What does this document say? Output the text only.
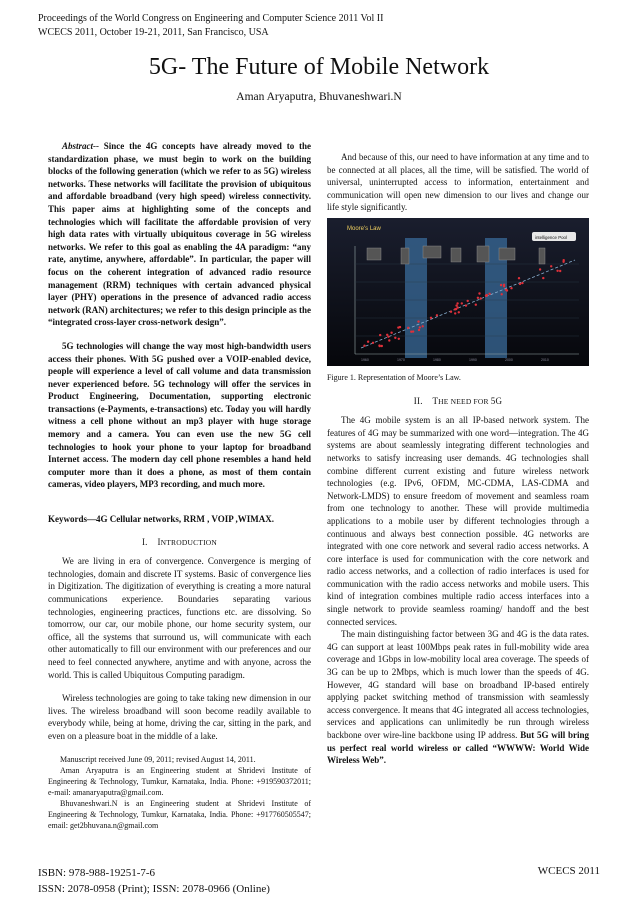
Proceedings of the World Congress on Engineering and Computer Science 2011 Vol II
WCECS 2011, October 19-21, 2011, San Francisco, USA
5G- The Future of Mobile Network
Aman Aryaputra, Bhuvaneshwari.N

Abstract-- Since the 4G concepts have already moved to the standardization phase, we must begin to work on the building blocks of the following generation (which we refer to as 5G) wireless networks. These networks will facilitate the provision of ubiquitous and affordable broadband (very high speed) wireless connectivity. This paper aims at highlighting some of the concepts and technologies which will facilitate the affordable provision of very high data rates with virtually ubiquitous coverage in 5G wireless networks. We refer to this goal as enabling the 4A paradigm: “any rate, anytime, anywhere, affordable”. In particular, the paper will focus on the coherent integration of advanced radio resource management (RRM) techniques with certain advanced physical layer (PHY) operations in the presence of advanced radio access network (RAN) architectures; we refer to this design principle as the “integrated cross-layer cross-network design”.

5G technologies will change the way most high-bandwidth users access their phones. With 5G pushed over a VOIP-enabled device, people will experience a level of call volume and data transmission never experienced before. 5G technology will offer the services in Product Engineering, Documentation, supporting electronic transactions (e-Payments, e-transactions) etc. Today you will hardly witness a cell phone without an mp3 player with huge storage memory and a camera. You can even use the new 5G cell technologies to hook your phone to your laptop for broadband Internet access. The modern day cell phone resembles a hand held computer more than it does a phone, as most of them contain cameras, video players, MP3 recording, and much more.

Keywords—4G Cellular networks, RRM , VOIP ,WIMAX.

I. INTRODUCTION

We are living in era of convergence. Convergence is merging of technologies, domain and discrete IT systems. Basic of convergence lies in Digitization. The digitization of everything is creating a more natural communications experience. Boundaries separating various technologies, engineering practices, functions etc. are dissolving. So tomorrow, our car, our mobile phone, our home security system, our office, all the systems that surround us, will communicate with each other automatically to fill our environment with our preferences and our need to feel connected anywhere, anytime and with anyone, across the world. This is called Ubiquitous Computing paradigm.

Wireless technologies are going to take taking new dimension in our lives. The wireless broadband will soon become readily available to everybody while, being at home, driving the car, sitting in the park, and even on a pleasure boat in the middle of a lake.

Manuscript received June 09, 2011; revised August 14, 2011.

Aman Aryaputra is an Engineering student at Shridevi Institute of Engineering & Technology, Tumkur, Karnataka, India. Phone: +919590372011; e-mail: amanaryaputra@gmail.com.

Bhuvaneshwari.N is an Engineering student at Shridevi Institute of Engineering & Technology, Tumkur, Karnataka, India. Phone: +917760505547; email: get2bhuvana.n@gmail.com

And because of this, our need to have information at any time and to be connected at all places, all the time, will be satisfied. The world of universal, uninterrupted access to information, entertainment and communication will open new dimension to our lives and change our life style significantly.

Moore's Law
intelligence Pool
1960	1970	1980	1990	2000	2010

Figure 1. Representation of Moore’s Law.

II. THE NEED FOR 5G

The 4G mobile system is an all IP-based network system. The features of 4G may be summarized with one word—integration. The 4G systems are about seamlessly integrating different technologies and networks to satisfy increasing user demands. 4G technologies shall combine different current existing and future wireless network technologies (e.g. IPv6, OFDM, MC-CDMA, LAS-CDMA and Network-LMDS) to ensure freedom of movement and seamless roam from one technology to another. These will provide multimedia applications to a mobile user by different technologies through a continuous and always best connection possible. 4G networks are integrated with one core network and several radio access networks. A core interface is used for communication with the core network and radio access networks, and a collection of radio interfaces is used for communication with the radio access networks and mobile users. This kind of integration combines multiple radio access interfaces into a single network to provide seamless roaming/ handoff and the best connected services.

The main distinguishing factor between 3G and 4G is the data rates. 4G can support at least 100Mbps peak rates in full-mobility wide area coverage and 1Gbps in low-mobility local area coverage. The speeds of 3G can be up to 2Mbps, which is much lower than the speeds of 4G. However, 4G standard will base on broadband IP-based entirely applying packet switching method of transmission with seamlessly access convergence. It means that 4G integrated all access technologies, services and applications can unlimitedly be run through wireless backbone over wire-line backbone using IP address. But 5G will bring us perfect real world wireless or called “WWWW: World Wide Wireless Web”.

ISBN: 978-988-19251-7-6
ISSN: 2078-0958 (Print); ISSN: 2078-0966 (Online)
WCECS 2011
